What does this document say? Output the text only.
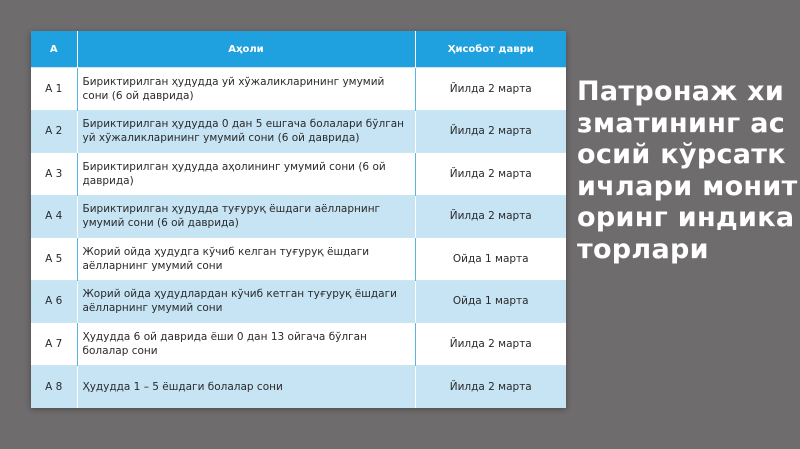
А	Аҳоли	Ҳисобот даври
А 1	Бириктирилган ҳудудда уй хўжаликларининг умумий сони (6 ой даврида)	Йилда 2 марта
А 2	Бириктирилган ҳудудда 0 дан 5 ешгача болалари бўлган уй хўжаликларининг умумий сони (6 ой даврида)	Йилда 2 марта
А 3	Бириктирилган ҳудудда аҳолининг умумий сони (6 ой даврида)	Йилда 2 марта
А 4	Бириктирилган ҳудудда туғуруқ ёшдаги аёлларнинг умумий сони (6 ой даврида)	Йилда 2 марта
А 5	Жорий ойда ҳудудга кўчиб келган туғуруқ ёшдаги аёлларнинг умумий сони	Ойда 1 марта
А 6	Жорий ойда ҳудудлардан кўчиб кетган туғуруқ ёшдаги аёлларнинг умумий сони	Ойда 1 марта
А 7	Ҳудудда 6 ой даврида ёши 0 дан 13 ойгача бўлган болалар сони	Йилда 2 марта
А 8	Ҳудудда 1 – 5 ёшдаги болалар сони	Йилда 2 марта
Патронаж хизматининг асосий кўрсаткичлари мониторинг индикаторлари
